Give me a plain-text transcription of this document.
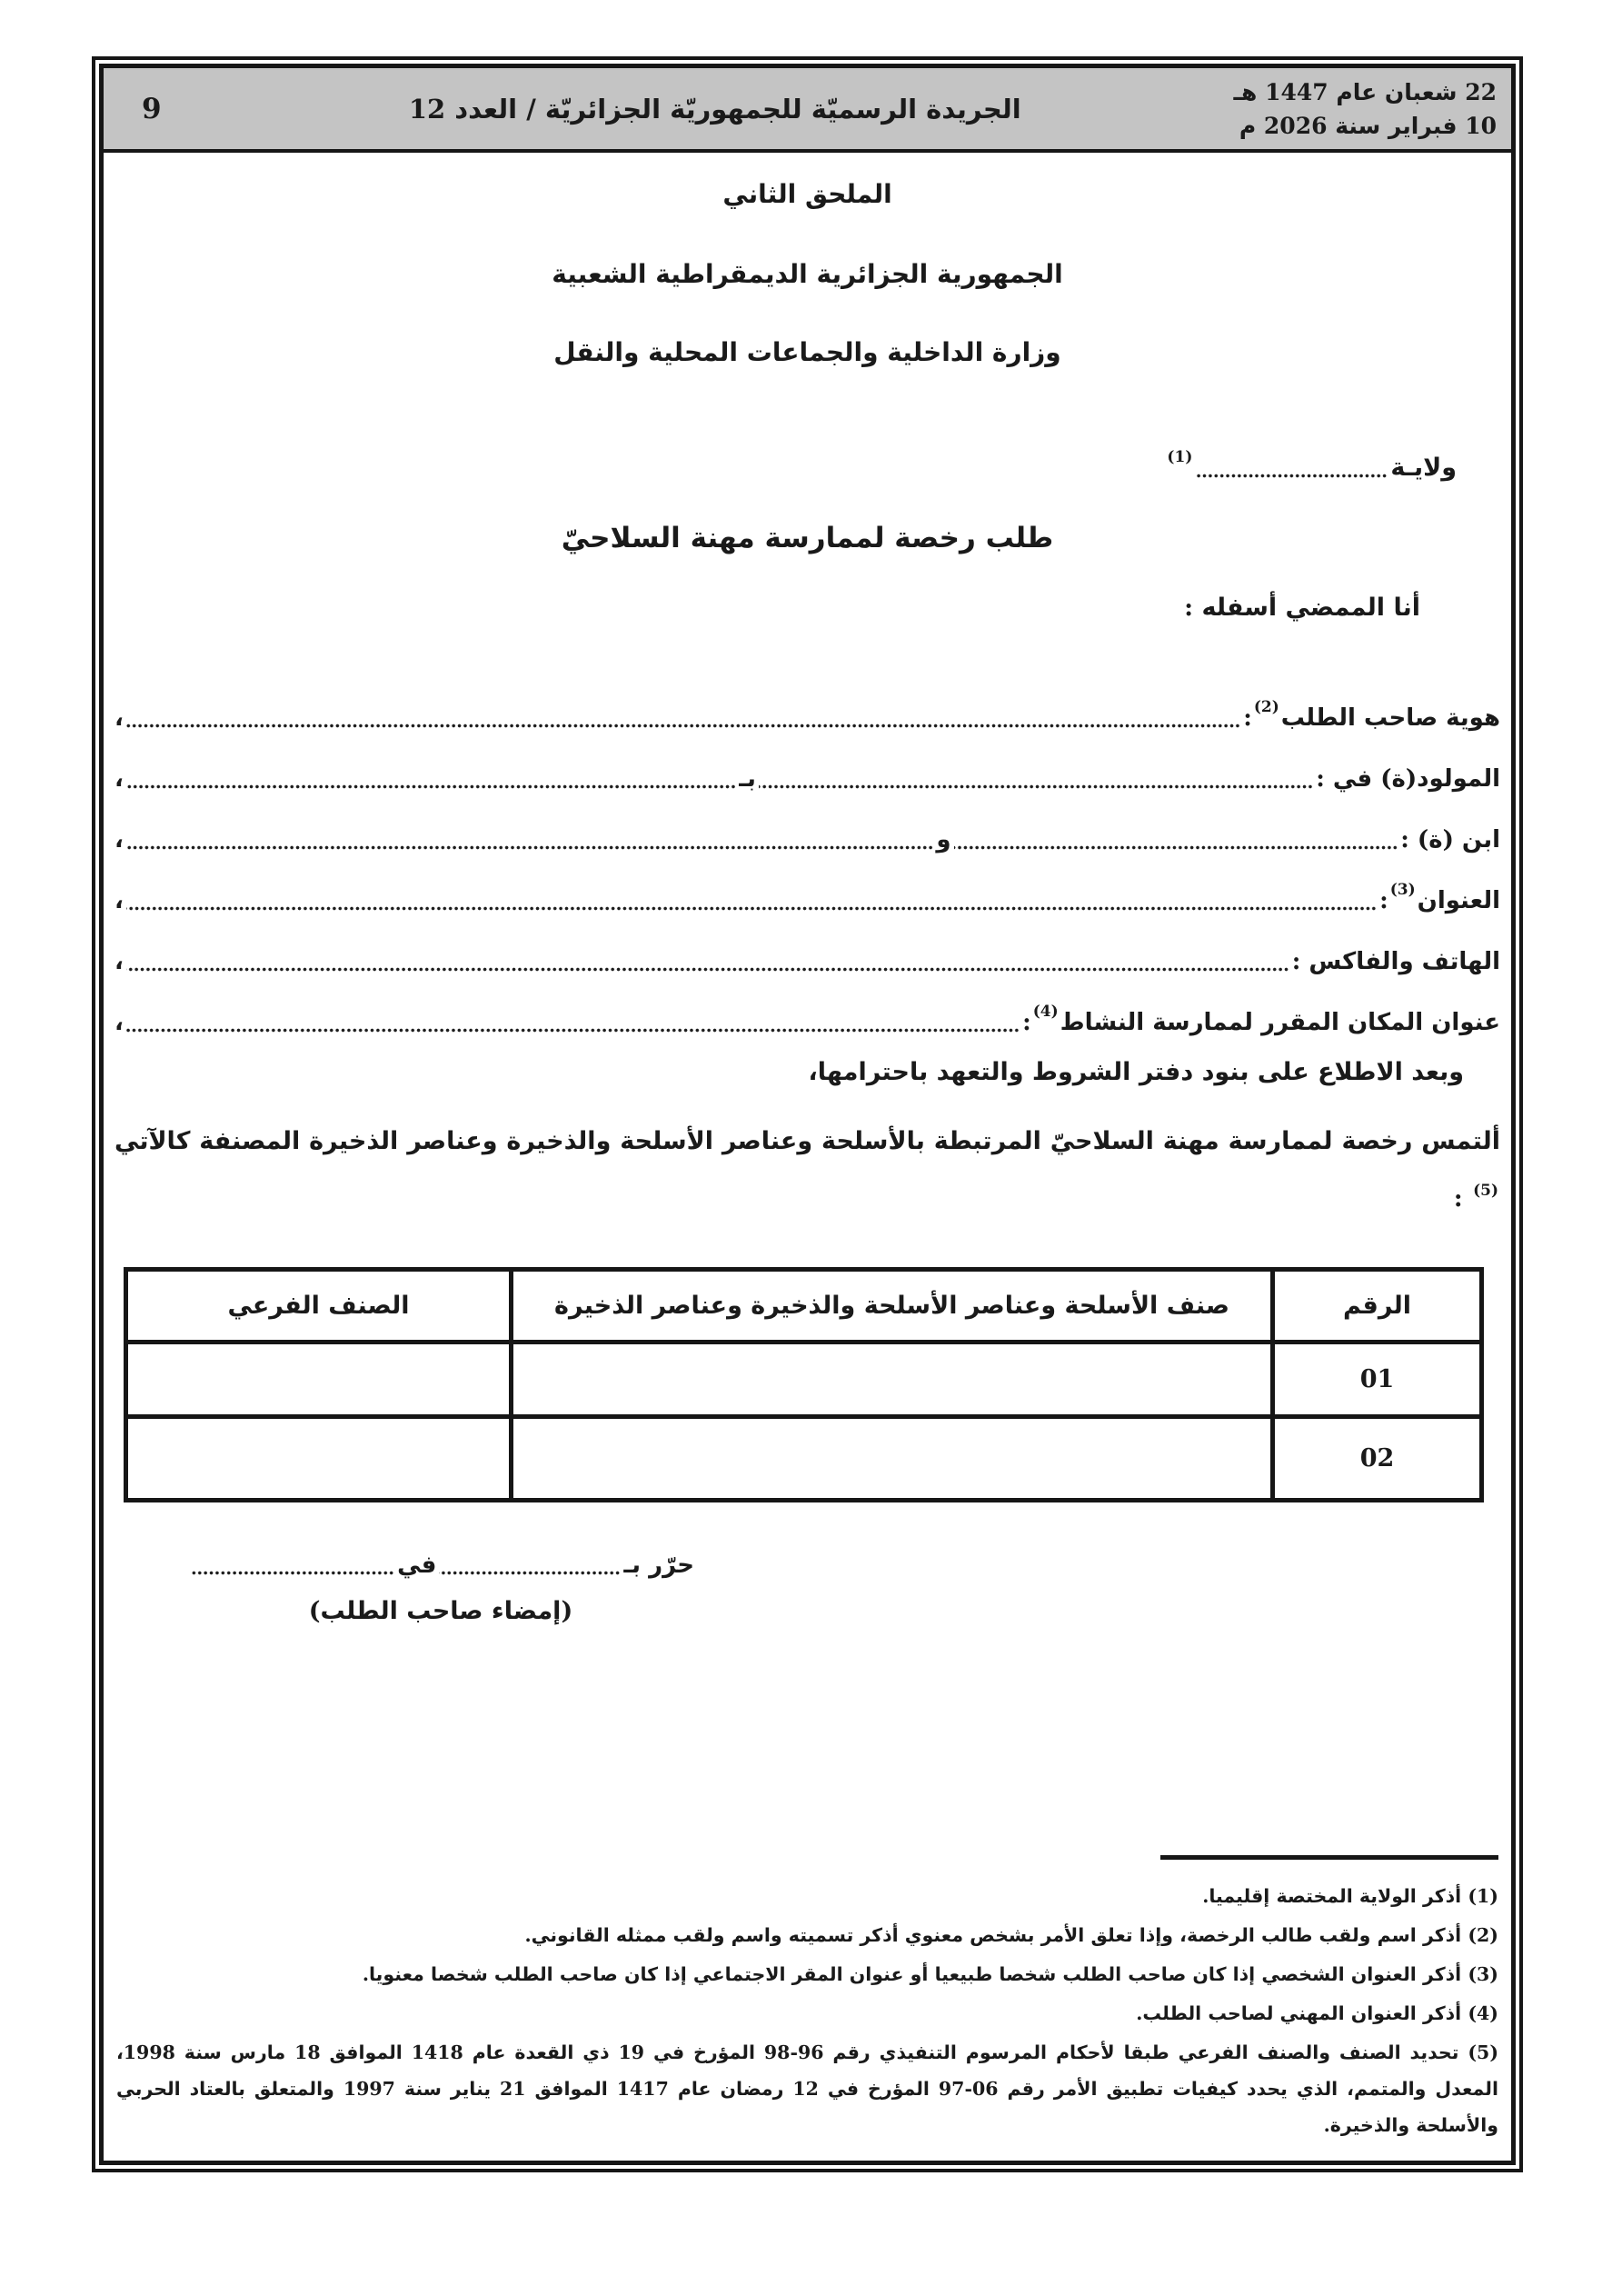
22 شعبان عام 1447 هـ
10 فبراير سنة 2026 م
الجريدة الرسميّة للجمهوريّة الجزائريّة / العدد 12
9

الملحق الثاني

الجمهورية الجزائرية الديمقراطية الشعبية

وزارة الداخلية والجماعات المحلية والنقل

ولايـة
(1)

طلب رخصة لممارسة مهنة السلاحيّ

أنا الممضي أسفله :

هوية صاحب الطلب
(2)
:
،
المولود(ة) في :
بـ
،
ابن (ة) :
و
،
العنوان
(3)
:
،
الهاتف والفاكس :
،
عنوان المكان المقرر لممارسة النشاط
(4)
:
،

وبعد الاطلاع على بنود دفتر الشروط والتعهد باحترامها،

ألتمس رخصة لممارسة مهنة السلاحيّ المرتبطة بالأسلحة وعناصر الأسلحة والذخيرة وعناصر الذخيرة المصنفة كالآتي $^{(5)}$ :

الرقم	صنف الأسلحة وعناصر الأسلحة والذخيرة وعناصر الذخيرة	الصنف الفرعي
01		
02		
حرّر بـ
في

(إمضاء صاحب الطلب)

(1) أذكر الولاية المختصة إقليميا.

(2) أذكر اسم ولقب طالب الرخصة، وإذا تعلق الأمر بشخص معنوي أذكر تسميته واسم ولقب ممثله القانوني.

(3) أذكر العنوان الشخصي إذا كان صاحب الطلب شخصا طبيعيا أو عنوان المقر الاجتماعي إذا كان صاحب الطلب شخصا معنويا.

(4) أذكر العنوان المهني لصاحب الطلب.

(5) تحديد الصنف والصنف الفرعي طبقا لأحكام المرسوم التنفيذي رقم 96-98 المؤرخ في 19 ذي القعدة عام 1418 الموافق 18 مارس سنة 1998، المعدل والمتمم، الذي يحدد كيفيات تطبيق الأمر رقم 06-97 المؤرخ في 12 رمضان عام 1417 الموافق 21 يناير سنة 1997 والمتعلق بالعتاد الحربي والأسلحة والذخيرة.
